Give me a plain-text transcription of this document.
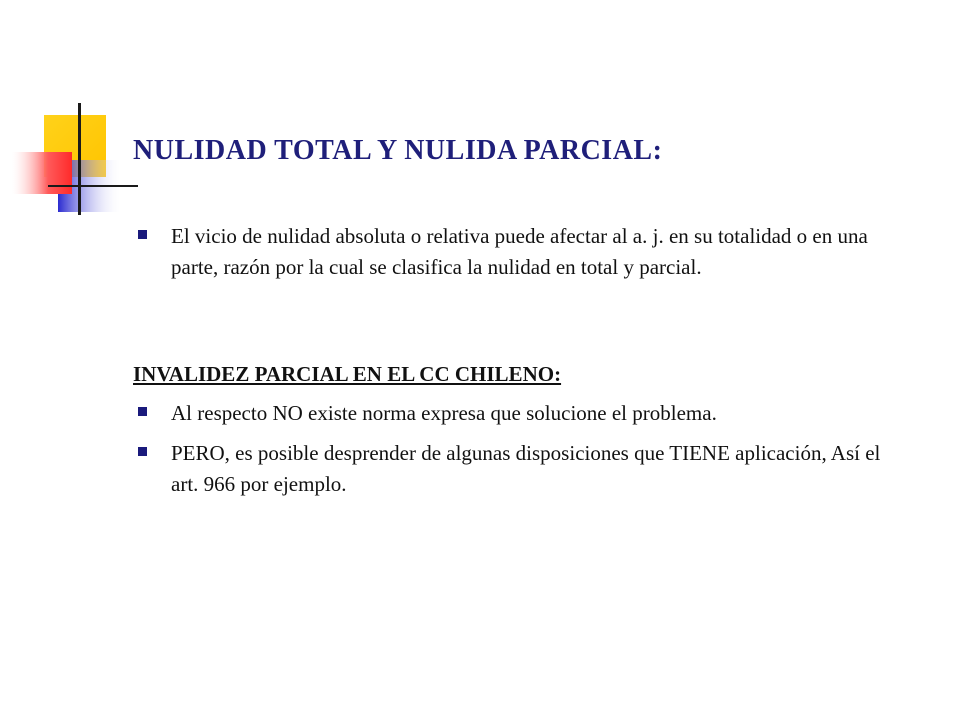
NULIDAD TOTAL Y NULIDA PARCIAL:
El vicio de nulidad absoluta o relativa puede afectar al a. j. en su totalidad o en una parte, razón por la cual se clasifica la nulidad en total y parcial.
INVALIDEZ PARCIAL EN EL CC CHILENO:
Al respecto NO existe norma expresa que solucione el problema.
PERO, es posible desprender de algunas disposiciones que TIENE aplicación, Así el art. 966 por ejemplo.
